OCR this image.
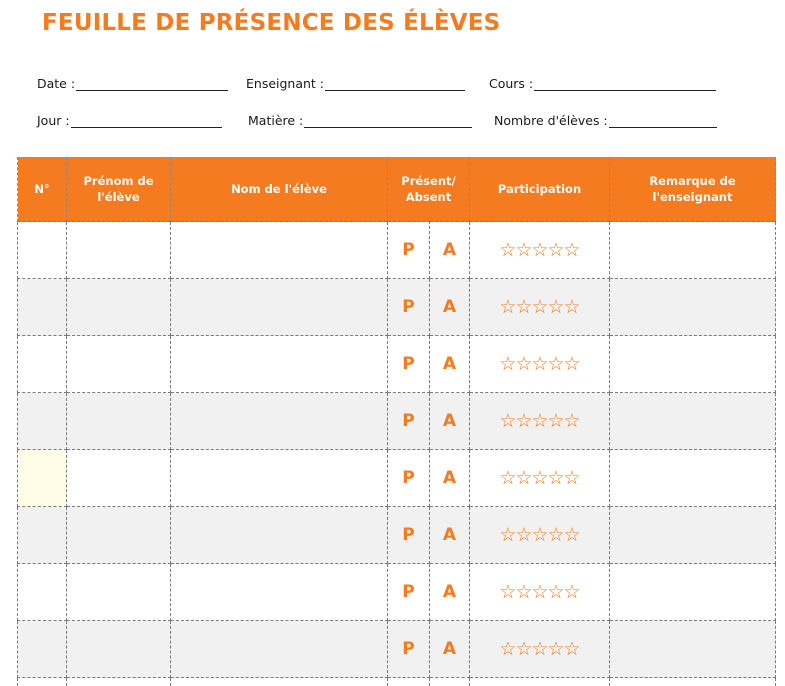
FEUILLE DE PRÉSENCE DES ÉLÈVES
Date :	Enseignant :	Cours :
Jour :	Matière :	Nombre d'élèves :
N°	Prénom de l'élève	Nom de l'élève	Présent/ Absent		Participation	Remarque de l'enseignant
			P	A	☆☆☆☆☆	
			P	A	☆☆☆☆☆	
			P	A	☆☆☆☆☆	
			P	A	☆☆☆☆☆	
			P	A	☆☆☆☆☆	
			P	A	☆☆☆☆☆	
			P	A	☆☆☆☆☆	
			P	A	☆☆☆☆☆	
